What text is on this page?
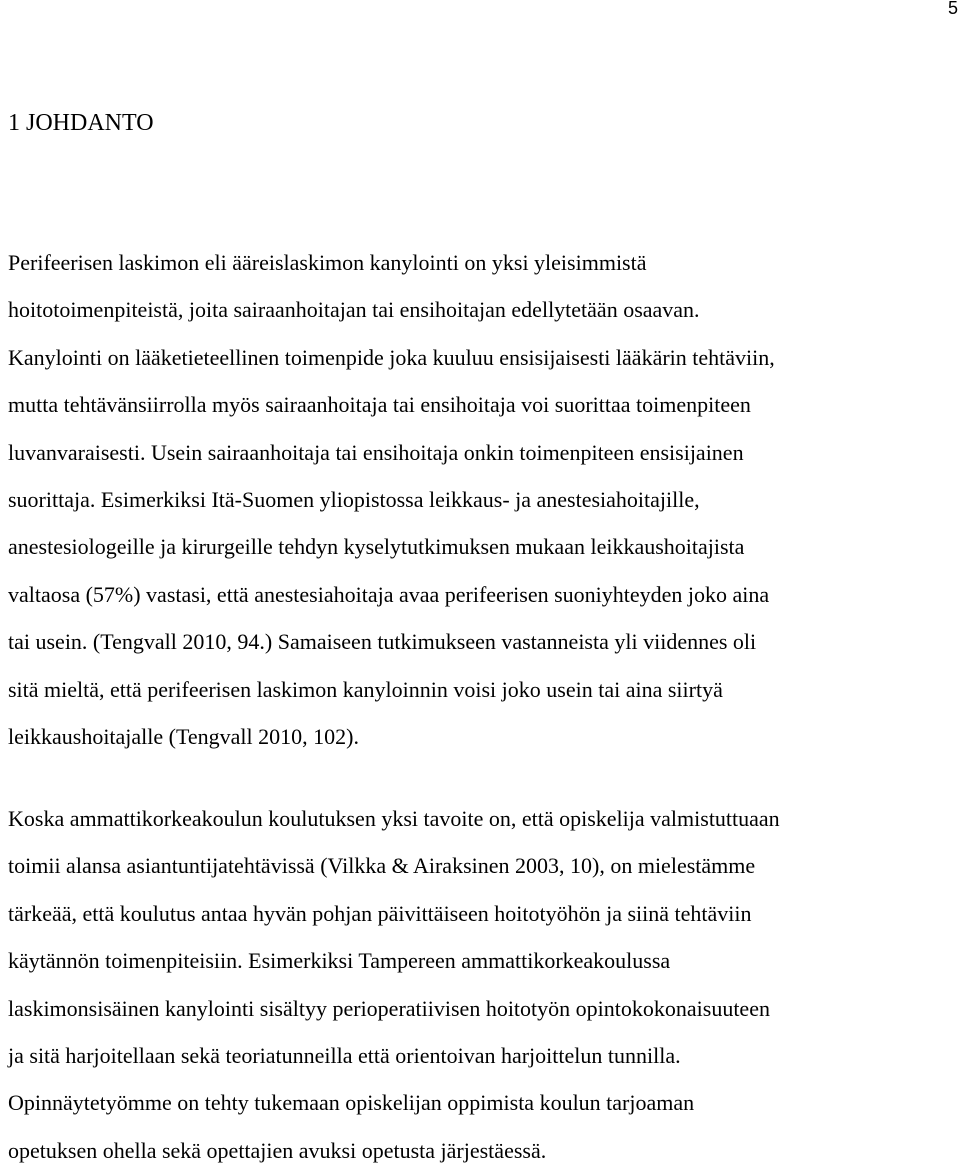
5
1 JOHDANTO

Perifeerisen laskimon eli ääreislaskimon kanylointi on yksi yleisimmistä
hoitotoimenpiteistä, joita sairaanhoitajan tai ensihoitajan edellytetään osaavan.
Kanylointi on lääketieteellinen toimenpide joka kuuluu ensisijaisesti lääkärin tehtäviin,
mutta tehtävänsiirrolla myös sairaanhoitaja tai ensihoitaja voi suorittaa toimenpiteen
luvanvaraisesti. Usein sairaanhoitaja tai ensihoitaja onkin toimenpiteen ensisijainen
suorittaja. Esimerkiksi Itä-Suomen yliopistossa leikkaus- ja anestesiahoitajille,
anestesiologeille ja kirurgeille tehdyn kyselytutkimuksen mukaan leikkaushoitajista
valtaosa (57%) vastasi, että anestesiahoitaja avaa perifeerisen suoniyhteyden joko aina
tai usein. (Tengvall 2010, 94.) Samaiseen tutkimukseen vastanneista yli viidennes oli
sitä mieltä, että perifeerisen laskimon kanyloinnin voisi joko usein tai aina siirtyä
leikkaushoitajalle (Tengvall 2010, 102).

Koska ammattikorkeakoulun koulutuksen yksi tavoite on, että opiskelija valmistuttuaan
toimii alansa asiantuntijatehtävissä (Vilkka & Airaksinen 2003, 10), on mielestämme
tärkeää, että koulutus antaa hyvän pohjan päivittäiseen hoitotyöhön ja siinä tehtäviin
käytännön toimenpiteisiin. Esimerkiksi Tampereen ammattikorkeakoulussa
laskimonsisäinen kanylointi sisältyy perioperatiivisen hoitotyön opintokokonaisuuteen
ja sitä harjoitellaan sekä teoriatunneilla että orientoivan harjoittelun tunnilla.
Opinnäytetyömme on tehty tukemaan opiskelijan oppimista koulun tarjoaman
opetuksen ohella sekä opettajien avuksi opetusta järjestäessä.
